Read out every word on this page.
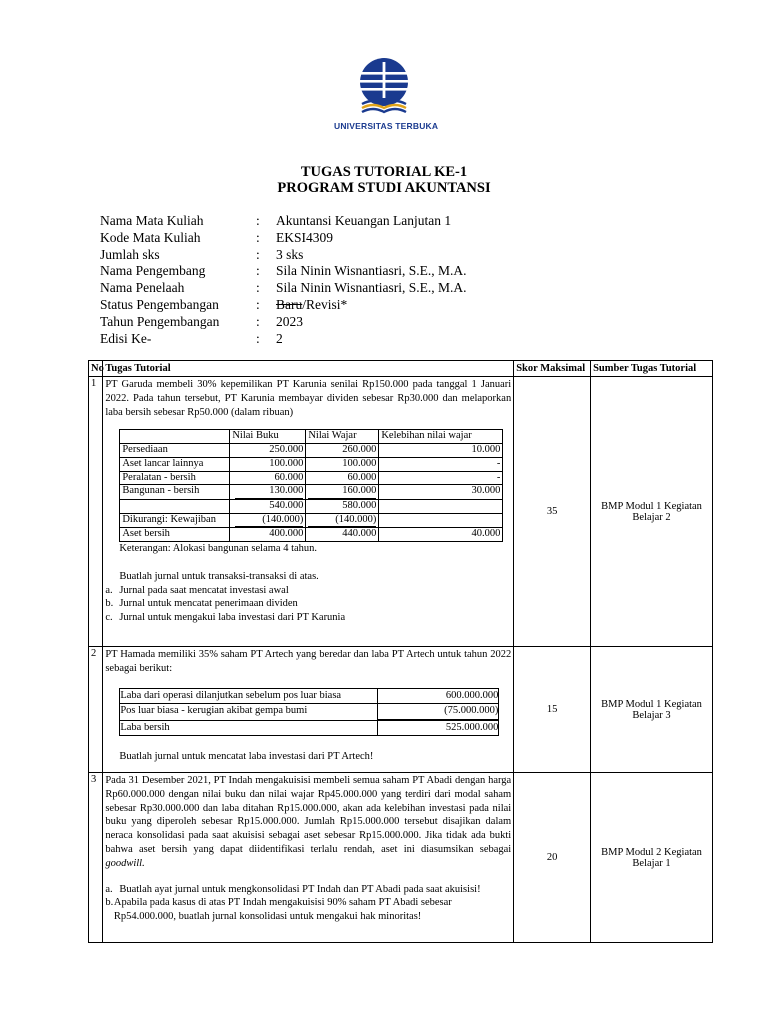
UNIVERSITAS TERBUKA
TUGAS TUTORIAL KE-1
PROGRAM STUDI AKUNTANSI
Nama Mata Kuliah	:	Akuntansi Keuangan Lanjutan 1
Kode Mata Kuliah	:	EKSI4309
Jumlah sks	:	3 sks
Nama Pengembang	:	Sila Ninin Wisnantiasri, S.E., M.A.
Nama Penelaah	:	Sila Ninin Wisnantiasri, S.E., M.A.
Status Pengembangan	:	Baru /Revisi*
Tahun Pengembangan	:	2023
Edisi Ke-	:	2
No	Tugas Tutorial	Skor Maksimal	Sumber Tugas Tutorial
1	PT Garuda membeli 30% kepemilikan PT Karunia senilai Rp150.000 pada tanggal 1 Januari 2022. Pada tahun tersebut, PT Karunia membayar dividen sebesar Rp30.000 dan melaporkan laba bersih sebesar Rp50.000 (dalam ribuan)
	Nilai Buku	Nilai Wajar	Kelebihan nilai wajar
Persediaan	250.000	260.000	10.000
Aset lancar lainnya	100.000	100.000	-
Peralatan - bersih	60.000	60.000	-
Bangunan - bersih	130.000	160.000	30.000
	540.000	580.000	
Dikurangi: Kewajiban	(140.000)	(140.000)	
Aset bersih	400.000	440.000	40.000
Keterangan: Alokasi bangunan selama 4 tahun.
Buatlah jurnal untuk transaksi-transaksi di atas.
a. Jurnal pada saat mencatat investasi awal
b. Jurnal untuk mencatat penerimaan dividen
c. Jurnal untuk mengakui laba investasi dari PT Karunia
	35	BMP Modul 1 Kegiatan Belajar 2
2	PT Hamada memiliki 35% saham PT Artech yang beredar dan laba PT Artech untuk tahun 2022 sebagai berikut:
Laba dari operasi dilanjutkan sebelum pos luar biasa	600.000.000
Pos luar biasa - kerugian akibat gempa bumi	(75.000.000)

Laba bersih	525.000.000
Buatlah jurnal untuk mencatat laba investasi dari PT Artech!
	15	BMP Modul 1 Kegiatan Belajar 3
3	Pada 31 Desember 2021, PT Indah mengakuisisi membeli semua saham PT Abadi dengan harga Rp60.000.000 dengan nilai buku dan nilai wajar Rp45.000.000 yang terdiri dari modal saham sebesar Rp30.000.000 dan laba ditahan Rp15.000.000, akan ada kelebihan investasi pada nilai buku yang diperoleh sebesar Rp15.000.000. Jumlah Rp15.000.000 tersebut disajikan dalam neraca konsolidasi pada saat akuisisi sebagai aset sebesar Rp15.000.000. Jika tidak ada bukti bahwa aset bersih yang dapat diidentifikasi terlalu rendah, aset ini diasumsikan sebagai goodwill.
a. Buatlah ayat jurnal untuk mengkonsolidasi PT Indah dan PT Abadi pada saat akuisisi!
b. Apabila pada kasus di atas PT Indah mengakuisisi 90% saham PT Abadi sebesar Rp54.000.000, buatlah jurnal konsolidasi untuk mengakui hak minoritas!
	20	BMP Modul 2 Kegiatan Belajar 1
